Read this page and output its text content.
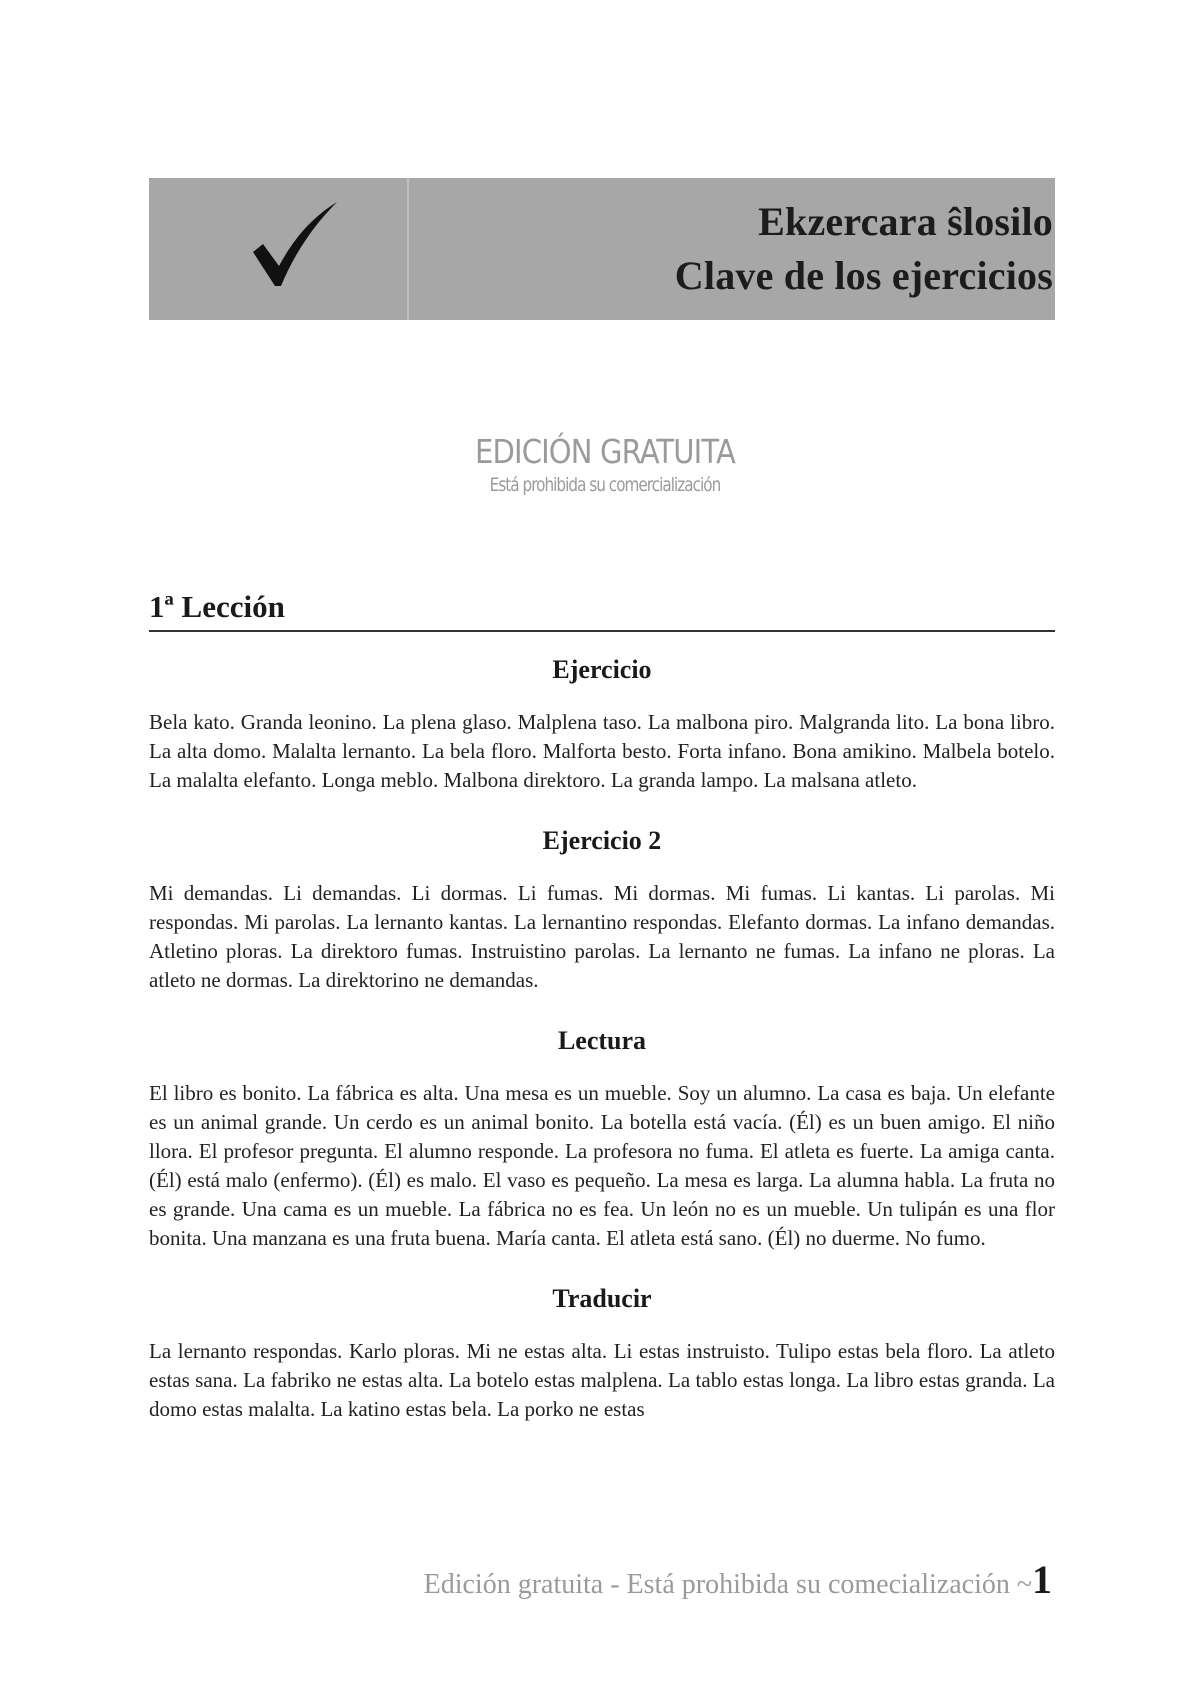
Ekzercara ŝlosilo
Clave de los ejercicios
EDICIÓN GRATUITA
Está prohibida su comercialización
1ª Lección
Ejercicio

Bela kato. Granda leonino. La plena glaso. Malplena taso. La malbona piro. Malgranda lito. La bona libro. La alta domo. Malalta lernanto. La bela floro. Malforta besto. Forta infano. Bona amikino. Malbela botelo. La malalta elefanto. Longa meblo. Malbona direktoro. La granda lampo. La malsana atleto.

Ejercicio 2

Mi demandas. Li demandas. Li dormas. Li fumas. Mi dormas. Mi fumas. Li kantas. Li parolas. Mi respondas. Mi parolas. La lernanto kantas. La lernantino respondas. Elefanto dormas. La infano demandas. Atletino ploras. La direktoro fumas. Instruistino parolas. La lernanto ne fumas. La infano ne ploras. La atleto ne dormas. La direktorino ne demandas.

Lectura

El libro es bonito. La fábrica es alta. Una mesa es un mueble. Soy un alumno. La casa es baja. Un elefante es un animal grande. Un cerdo es un animal bonito. La botella está vacía. (Él) es un buen amigo. El niño llora. El profesor pregunta. El alumno responde. La profesora no fuma. El atleta es fuerte. La amiga canta. (Él) está malo (enfermo). (Él) es malo. El vaso es pequeño. La mesa es larga. La alumna habla. La fruta no es grande. Una cama es un mueble. La fábrica no es fea. Un león no es un mueble. Un tulipán es una flor bonita. Una manzana es una fruta buena. María canta. El atleta está sano. (Él) no duerme. No fumo.

Traducir

La lernanto respondas. Karlo ploras. Mi ne estas alta. Li estas instruisto. Tulipo estas bela floro. La atleto estas sana. La fabriko ne estas alta. La botelo estas malplena. La tablo estas longa. La libro estas granda. La domo estas malalta. La katino estas bela. La porko ne estas

Edición gratuita - Está prohibida su comecialización ~1
